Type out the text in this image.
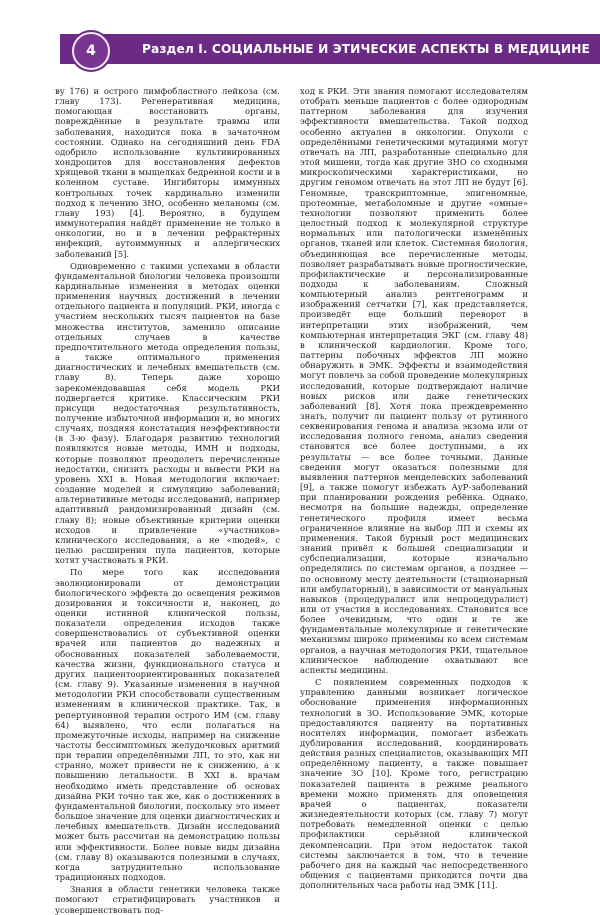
4	Раздел I. СОЦИАЛЬНЫЕ И ЭТИЧЕСКИЕ АСПЕКТЫ В МЕДИЦИНЕ

ву 176) и острого лимфобластного лейкоза (см. главу 173). Регенеративная медицина, помогающая восстановить органы, повреждённые в результате травмы или заболевания, находится пока в зачаточном состоянии. Однако на сегодняшний день FDA одобрило использование культивированных хондроцитов для восстановления дефектов хрящевой ткани в мыщелках бедренной кости и в коленном суставе. Ингибиторы иммунных контрольных точек кардинально изменили подход к лечению ЗНО, особенно меланомы (см. главу 193) [4]. Вероятно, в будущем иммунотерапия найдёт применение не только в онкологии, но и в лечении рефрактерных инфекций, аутоиммунных и аллергических заболеваний [5].

Одновременно с такими успехами в области фундаментальной биологии человека произошли кардинальные изменения в методах оценки применения научных достижений в лечении отдельного пациента и популяций. РКИ, иногда с участием нескольких тысяч пациентов на базе множества институтов, заменило описание отдельных случаев в качестве предпочтительного метода определения пользы, а также оптимального применения диагностических и лечебных вмешательств (см. главу 8). Теперь даже хорошо зарекомендовавшая себя модель РКИ подвергается критике. Классическим РКИ присущи недостаточная результативность, получение избыточной информации и, во многих случаях, поздняя констатация неэффективности (в 3-ю фазу). Благодаря развитию технологий появляются новые методы, ИМН и подходы, которые позволяют преодолеть перечисленные недостатки, снизить расходы и вывести РКИ на уровень XXI в. Новая методология включает: создание моделей и симуляцию заболеваний; альтернативные методы исследований, например адаптивный рандомизированный дизайн (см. главу 8); новые объективные критерии оценки исходов и привлечение «участников» клинического исследования, а не «людей», с целью расширения пула пациентов, которые хотят участвовать в РКИ.

По мере того как исследования эволюционировали от демонстрации биологического эффекта до освещения режимов дозирования и токсичности и, наконец, до оценки истинной клинической пользы, показатели определения исходов также совершенствовались от субъективной оценки врачей или пациентов до надежных и обоснованных показателей заболеваемости, качества жизни, функционального статуса и других пациентоориентированных показателей (см. главу 9). Указанные изменения в научной методологии РКИ способствовали существенным изменениям в клинической практике. Так, в репертуинонной терапии острого ИМ (см. главу 64) выявлено, что если полагаться на промежуточные исходы, например на снижение частоты бессимптомных желудочковых аритмий при терапии определёнными ЛП, то это, как ни странно, может привести не к снижению, а к повышению летальности. В XXI в. врачам необходимо иметь представление об основах дизайна РКИ точно так же, как о достижениях в фундаментальной биологии, поскольку это имеет большое значение для оценки диагностических и лечебных вмешательств. Дизайн исследований может быть рассчитан на демонстрацию пользы или эффективности. Более новые виды дизайна (см. главу 8) оказываются полезными в случаях, когда затруднительно использование традиционных подходов.

Знания в области генетики человека также помогают стратифицировать участников и усовершенствовать под-

ход к РКИ. Эти знания помогают исследователям отобрать меньше пациентов с более однородным паттерном заболевания для изучения эффективности вмешательства. Такой подход особенно актуален в онкологии. Опухоли с определёнными генетическими мутациями могут отвечать на ЛП, разработанные специально для этой мишени, тогда как другие ЗНО со сходными микроскопическими характеристиками, но другим геномом отвечать на этот ЛП не будут [6]. Геномные, транскриптомные, эпигеномные, протеомные, метаболомные и другие «омные» технологии позволяют применить более целостный подход к молекулярной структуре нормальных или патологически изменённых органов, тканей или клеток. Системная биология, объединяющая все перечисленные методы, позволяет разрабатывать новые прогностические, профилактические и персонализированные подходы к заболеваниям. Сложный компьютерный анализ рентгенограмм и изображений сетчатки [7], как представляется, произведёт еще больший переворот в интерпретации этих изображений, чем компьютерная интерпретация ЭКГ (см. главу 48) в клинической кардиологии. Кроме того, паттерны побочных эффектов ЛП можно обнаружить в ЭМК. Эффекты и взаимодействия могут повлечь за собой проведение молекулярных исследований, которые подтверждают наличие новых рисков или даже генетических заболеваний [8]. Хотя пока преждевременно знать, получит ли пациент пользу от рутинного секвенирования генома и анализа экзома или от исследования полного генома, анализ сведения становятся все более доступными, а их результаты — все более точными. Данные сведения могут оказаться полезными для выявления паттернов менделевских заболеваний [9], а также помогут избежать АуР-заболеваний при планировании рождения ребёнка. Однако, несмотря на большие надежды, определение генетического профиля имеет весьма ограниченное влияние на выбор ЛП и схемы их применения. Такой бурный рост медицинских знаний привёл к большей специализации и субспециализации, которые изначально определялись по системам органов, а позднее — по основному месту деятельности (стационарный или амбулаторный), в зависимости от мануальных навыков (процедуралист или непроцедуралист) или от участия в исследованиях. Становится все более очевидным, что один и те же фундаментальные молекулярные и генетические механизмы широко применимы ко всем системам органов, а научная методология РКИ, тщательное клиническое наблюдение охватывают все аспекты медицины.

С появлением современных подходов к управлению данными возникает логическое обоснование применения информационных технологий в ЗО. Использование ЭМК, которые предоставляются пациенту на портативных носителях информации, помогает избежать дублирования исследований, координировать действия разных специалистов, оказывающих МП определённому пациенту, а также повышает значение ЗО [10]. Кроме того, регистрацию показателей пациента в режиме реального времени можно применять для оповещения врачей о пациентах, показатели жизнедеятельности которых (см. главу 7) могут потребовать немедленной оценки с целью профилактики серьёзной клинической декомпенсации. При этом недостаток такой системы заключается в том, что в течение рабочего дня на каждый час непосредственного общения с пациентами приходится почти два дополнительных часа работы над ЭМК [11].
